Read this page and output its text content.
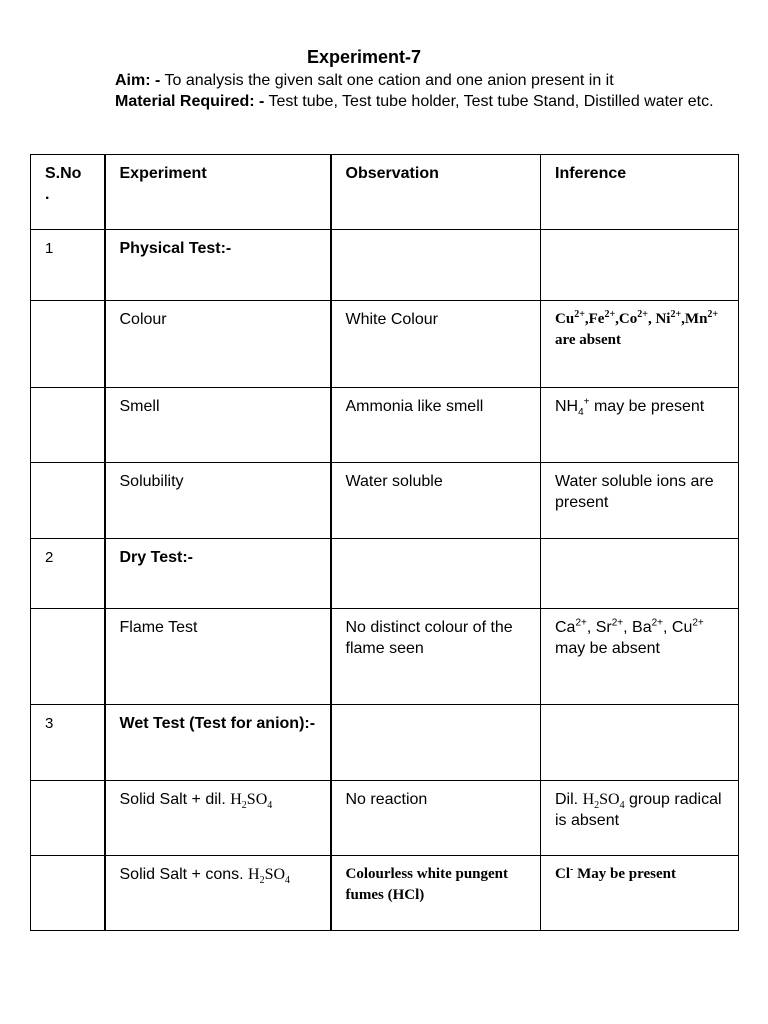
Experiment-7
Aim: - To analysis the given salt one cation and one anion present in it
Material Required: - Test tube, Test tube holder, Test tube Stand, Distilled water etc.
S.No .	Experiment	Observation	Inference
1	Physical Test:-		
	Colour	White Colour	$Cu^{2+},Fe^{2+},Co^{2+}$, $Ni^{2+},Mn^{2+}$ are absent
	Smell	Ammonia like smell	$NH_4^+$ may be present
	Solubility	Water soluble	Water soluble ions are present
2	Dry Test:-		
	Flame Test	No distinct colour of the flame seen	$Ca^{2+}$, $Sr^{2+}$, $Ba^{2+}$, $Cu^{2+}$ may be absent
3	Wet Test (Test for anion):-		
	Solid Salt + dil. $H_2SO_4$	No reaction	Dil. $H_2SO_4$ group radical is absent
	Solid Salt + cons. $H_2SO_4$	Colourless white pungent fumes (HCl)	Cl- May be present
